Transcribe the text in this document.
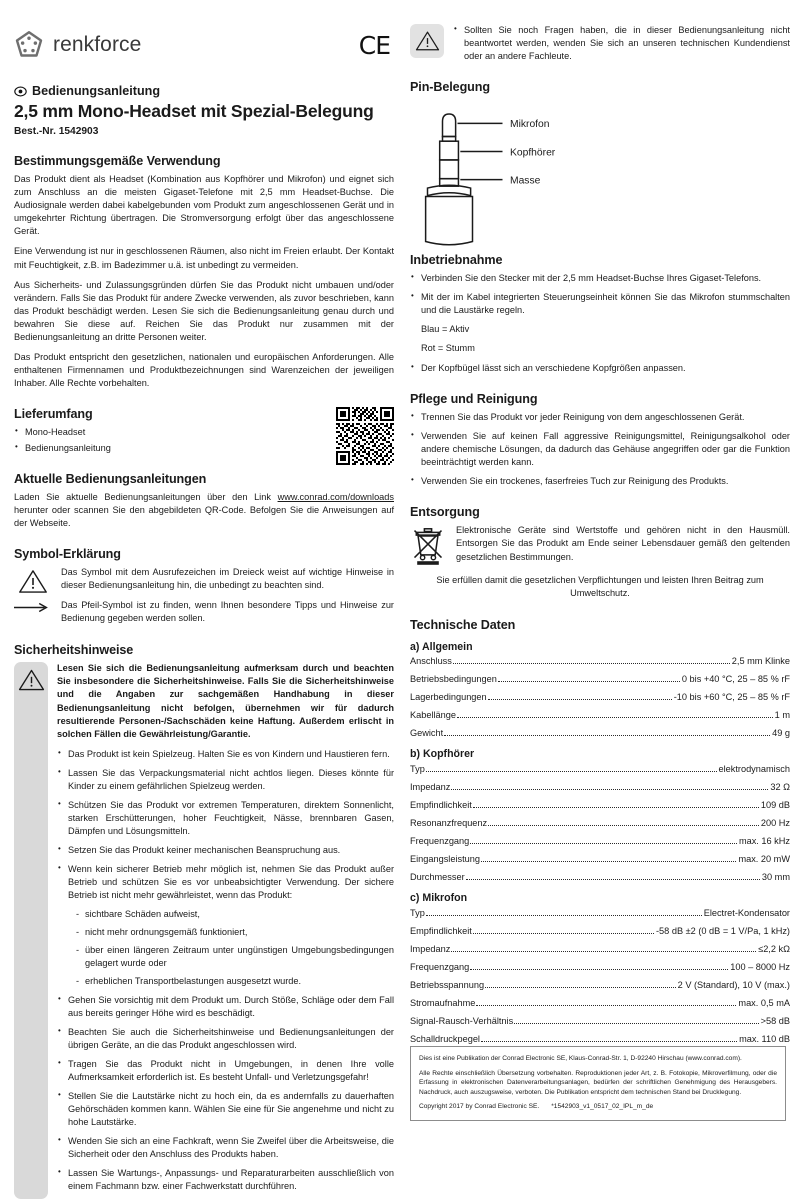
renkforce	CE
Bedienungsanleitung
2,5 mm Mono-Headset mit Spezial-Belegung
Best.-Nr. 1542903
Bestimmungsgemäße Verwendung

Das Produkt dient als Headset (Kombination aus Kopfhörer und Mikrofon) und eignet sich zum Anschluss an die meisten Gigaset-Telefone mit 2,5 mm Headset-Buchse. Die Audiosignale werden dabei kabelgebunden vom Produkt zum angeschlossenen Gerät und in umgekehrter Richtung übertragen. Die Stromversorgung erfolgt über das angeschlossene Gerät.

Eine Verwendung ist nur in geschlossenen Räumen, also nicht im Freien erlaubt. Der Kontakt mit Feuchtigkeit, z.B. im Badezimmer u.ä. ist unbedingt zu vermeiden.

Aus Sicherheits- und Zulassungsgründen dürfen Sie das Produkt nicht umbauen und/oder verändern. Falls Sie das Produkt für andere Zwecke verwenden, als zuvor beschrieben, kann das Produkt beschädigt werden. Lesen Sie sich die Bedienungsanleitung genau durch und bewahren Sie diese auf. Reichen Sie das Produkt nur zusammen mit der Bedienungsanleitung an dritte Personen weiter.

Das Produkt entspricht den gesetzlichen, nationalen und europäischen Anforderungen. Alle enthaltenen Firmennamen und Produktbezeichnungen sind Warenzeichen der jeweiligen Inhaber. Alle Rechte vorbehalten.

Lieferumfang
• Mono-Headset
• Bedienungsanleitung
Aktuelle Bedienungsanleitungen

Laden Sie aktuelle Bedienungsanleitungen über den Link www.conrad.com/downloads herunter oder scannen Sie den abgebildeten QR-Code. Befolgen Sie die Anweisungen auf der Webseite.

Symbol-Erklärung
Das Symbol mit dem Ausrufezeichen im Dreieck weist auf wichtige Hinweise in dieser Bedienungsanleitung hin, die unbedingt zu beachten sind.
Das Pfeil-Symbol ist zu finden, wenn Ihnen besondere Tipps und Hinweise zur Bedienung gegeben werden sollen.
Sicherheitshinweise

Lesen Sie sich die Bedienungsanleitung aufmerksam durch und beachten Sie insbesondere die Sicherheitshinweise. Falls Sie die Sicherheitshinweise und die Angaben zur sachgemäßen Handhabung in dieser Bedienungsanleitung nicht befolgen, übernehmen wir für dadurch resultierende Personen-/Sachschäden keine Haftung. Außerdem erlischt in solchen Fällen die Gewährleistung/Garantie.

• Das Produkt ist kein Spielzeug. Halten Sie es von Kindern und Haustieren fern.
• Lassen Sie das Verpackungsmaterial nicht achtlos liegen. Dieses könnte für Kinder zu einem gefährlichen Spielzeug werden.
• Schützen Sie das Produkt vor extremen Temperaturen, direktem Sonnenlicht, starken Erschütterungen, hoher Feuchtigkeit, Nässe, brennbaren Gasen, Dämpfen und Lösungsmitteln.
• Setzen Sie das Produkt keiner mechanischen Beanspruchung aus.
• Wenn kein sicherer Betrieb mehr möglich ist, nehmen Sie das Produkt außer Betrieb und schützen Sie es vor unbeabsichtigter Verwendung. Der sichere Betrieb ist nicht mehr gewährleistet, wenn das Produkt:
- sichtbare Schäden aufweist,
- nicht mehr ordnungsgemäß funktioniert,
- über einen längeren Zeitraum unter ungünstigen Umgebungsbedingungen gelagert wurde oder
- erheblichen Transportbelastungen ausgesetzt wurde.
• Gehen Sie vorsichtig mit dem Produkt um. Durch Stöße, Schläge oder dem Fall aus bereits geringer Höhe wird es beschädigt.
• Beachten Sie auch die Sicherheitshinweise und Bedienungsanleitungen der übrigen Geräte, an die das Produkt angeschlossen wird.
• Tragen Sie das Produkt nicht in Umgebungen, in denen Ihre volle Aufmerksamkeit erforderlich ist. Es besteht Unfall- und Verletzungsgefahr!
• Stellen Sie die Lautstärke nicht zu hoch ein, da es andernfalls zu dauerhaften Gehörschäden kommen kann. Wählen Sie eine für Sie angenehme und nicht zu hohe Lautstärke.
• Wenden Sie sich an eine Fachkraft, wenn Sie Zweifel über die Arbeitsweise, die Sicherheit oder den Anschluss des Produkts haben.
• Lassen Sie Wartungs-, Anpassungs- und Reparaturarbeiten ausschließlich von einem Fachmann bzw. einer Fachwerkstatt durchführen.
• Sollten Sie noch Fragen haben, die in dieser Bedienungsanleitung nicht beantwortet werden, wenden Sie sich an unseren technischen Kundendienst oder an andere Fachleute.
Pin-Belegung
Mikrofon
Kopfhörer
Masse
Inbetriebnahme
• Verbinden Sie den Stecker mit der 2,5 mm Headset-Buchse Ihres Gigaset-Telefons.
• Mit der im Kabel integrierten Steuerungseinheit können Sie das Mikrofon stummschalten und die Laustärke regeln.
Blau = Aktiv
Rot = Stumm
• Der Kopfbügel lässt sich an verschiedene Kopfgrößen anpassen.
Pflege und Reinigung
• Trennen Sie das Produkt vor jeder Reinigung von dem angeschlossenen Gerät.
• Verwenden Sie auf keinen Fall aggressive Reinigungsmittel, Reinigungsalkohol oder andere chemische Lösungen, da dadurch das Gehäuse angegriffen oder gar die Funktion beeinträchtigt werden kann.
• Verwenden Sie ein trockenes, faserfreies Tuch zur Reinigung des Produkts.
Entsorgung
Elektronische Geräte sind Wertstoffe und gehören nicht in den Hausmüll. Entsorgen Sie das Produkt am Ende seiner Lebensdauer gemäß den geltenden gesetzlichen Bestimmungen.

Sie erfüllen damit die gesetzlichen Verpflichtungen und leisten Ihren Beitrag zum Umweltschutz.

Technische Daten
a) Allgemein
Anschluss	2,5 mm Klinke
Betriebsbedingungen	0 bis +40 °C, 25 – 85 % rF
Lagerbedingungen	-10 bis +60 °C, 25 – 85 % rF
Kabellänge	1 m
Gewicht	49 g
b) Kopfhörer
Typ	elektrodynamisch
Impedanz	32 Ω
Empfindlichkeit	109 dB
Resonanzfrequenz	200 Hz
Frequenzgang	max. 16 kHz
Eingangsleistung	max. 20 mW
Durchmesser	30 mm
c) Mikrofon
Typ	Electret-Kondensator
Empfindlichkeit	-58 dB ±2 (0 dB = 1 V/Pa, 1 kHz)
Impedanz	≤2,2 kΩ
Frequenzgang	100 – 8000 Hz
Betriebsspannung	2 V (Standard), 10 V (max.)
Stromaufnahme	max. 0,5 mA
Signal-Rausch-Verhältnis	>58 dB
Schalldruckpegel	max. 110 dB

Dies ist eine Publikation der Conrad Electronic SE, Klaus-Conrad-Str. 1, D-92240 Hirschau (www.conrad.com).

Alle Rechte einschließlich Übersetzung vorbehalten. Reproduktionen jeder Art, z. B. Fotokopie, Mikroverfilmung, oder die Erfassung in elektronischen Datenverarbeitungsanlagen, bedürfen der schriftlichen Genehmigung des Herausgebers. Nachdruck, auch auszugsweise, verboten. Die Publikation entspricht dem technischen Stand bei Drucklegung.

Copyright 2017 by Conrad Electronic SE. *1542903_v1_0517_02_IPL_m_de
